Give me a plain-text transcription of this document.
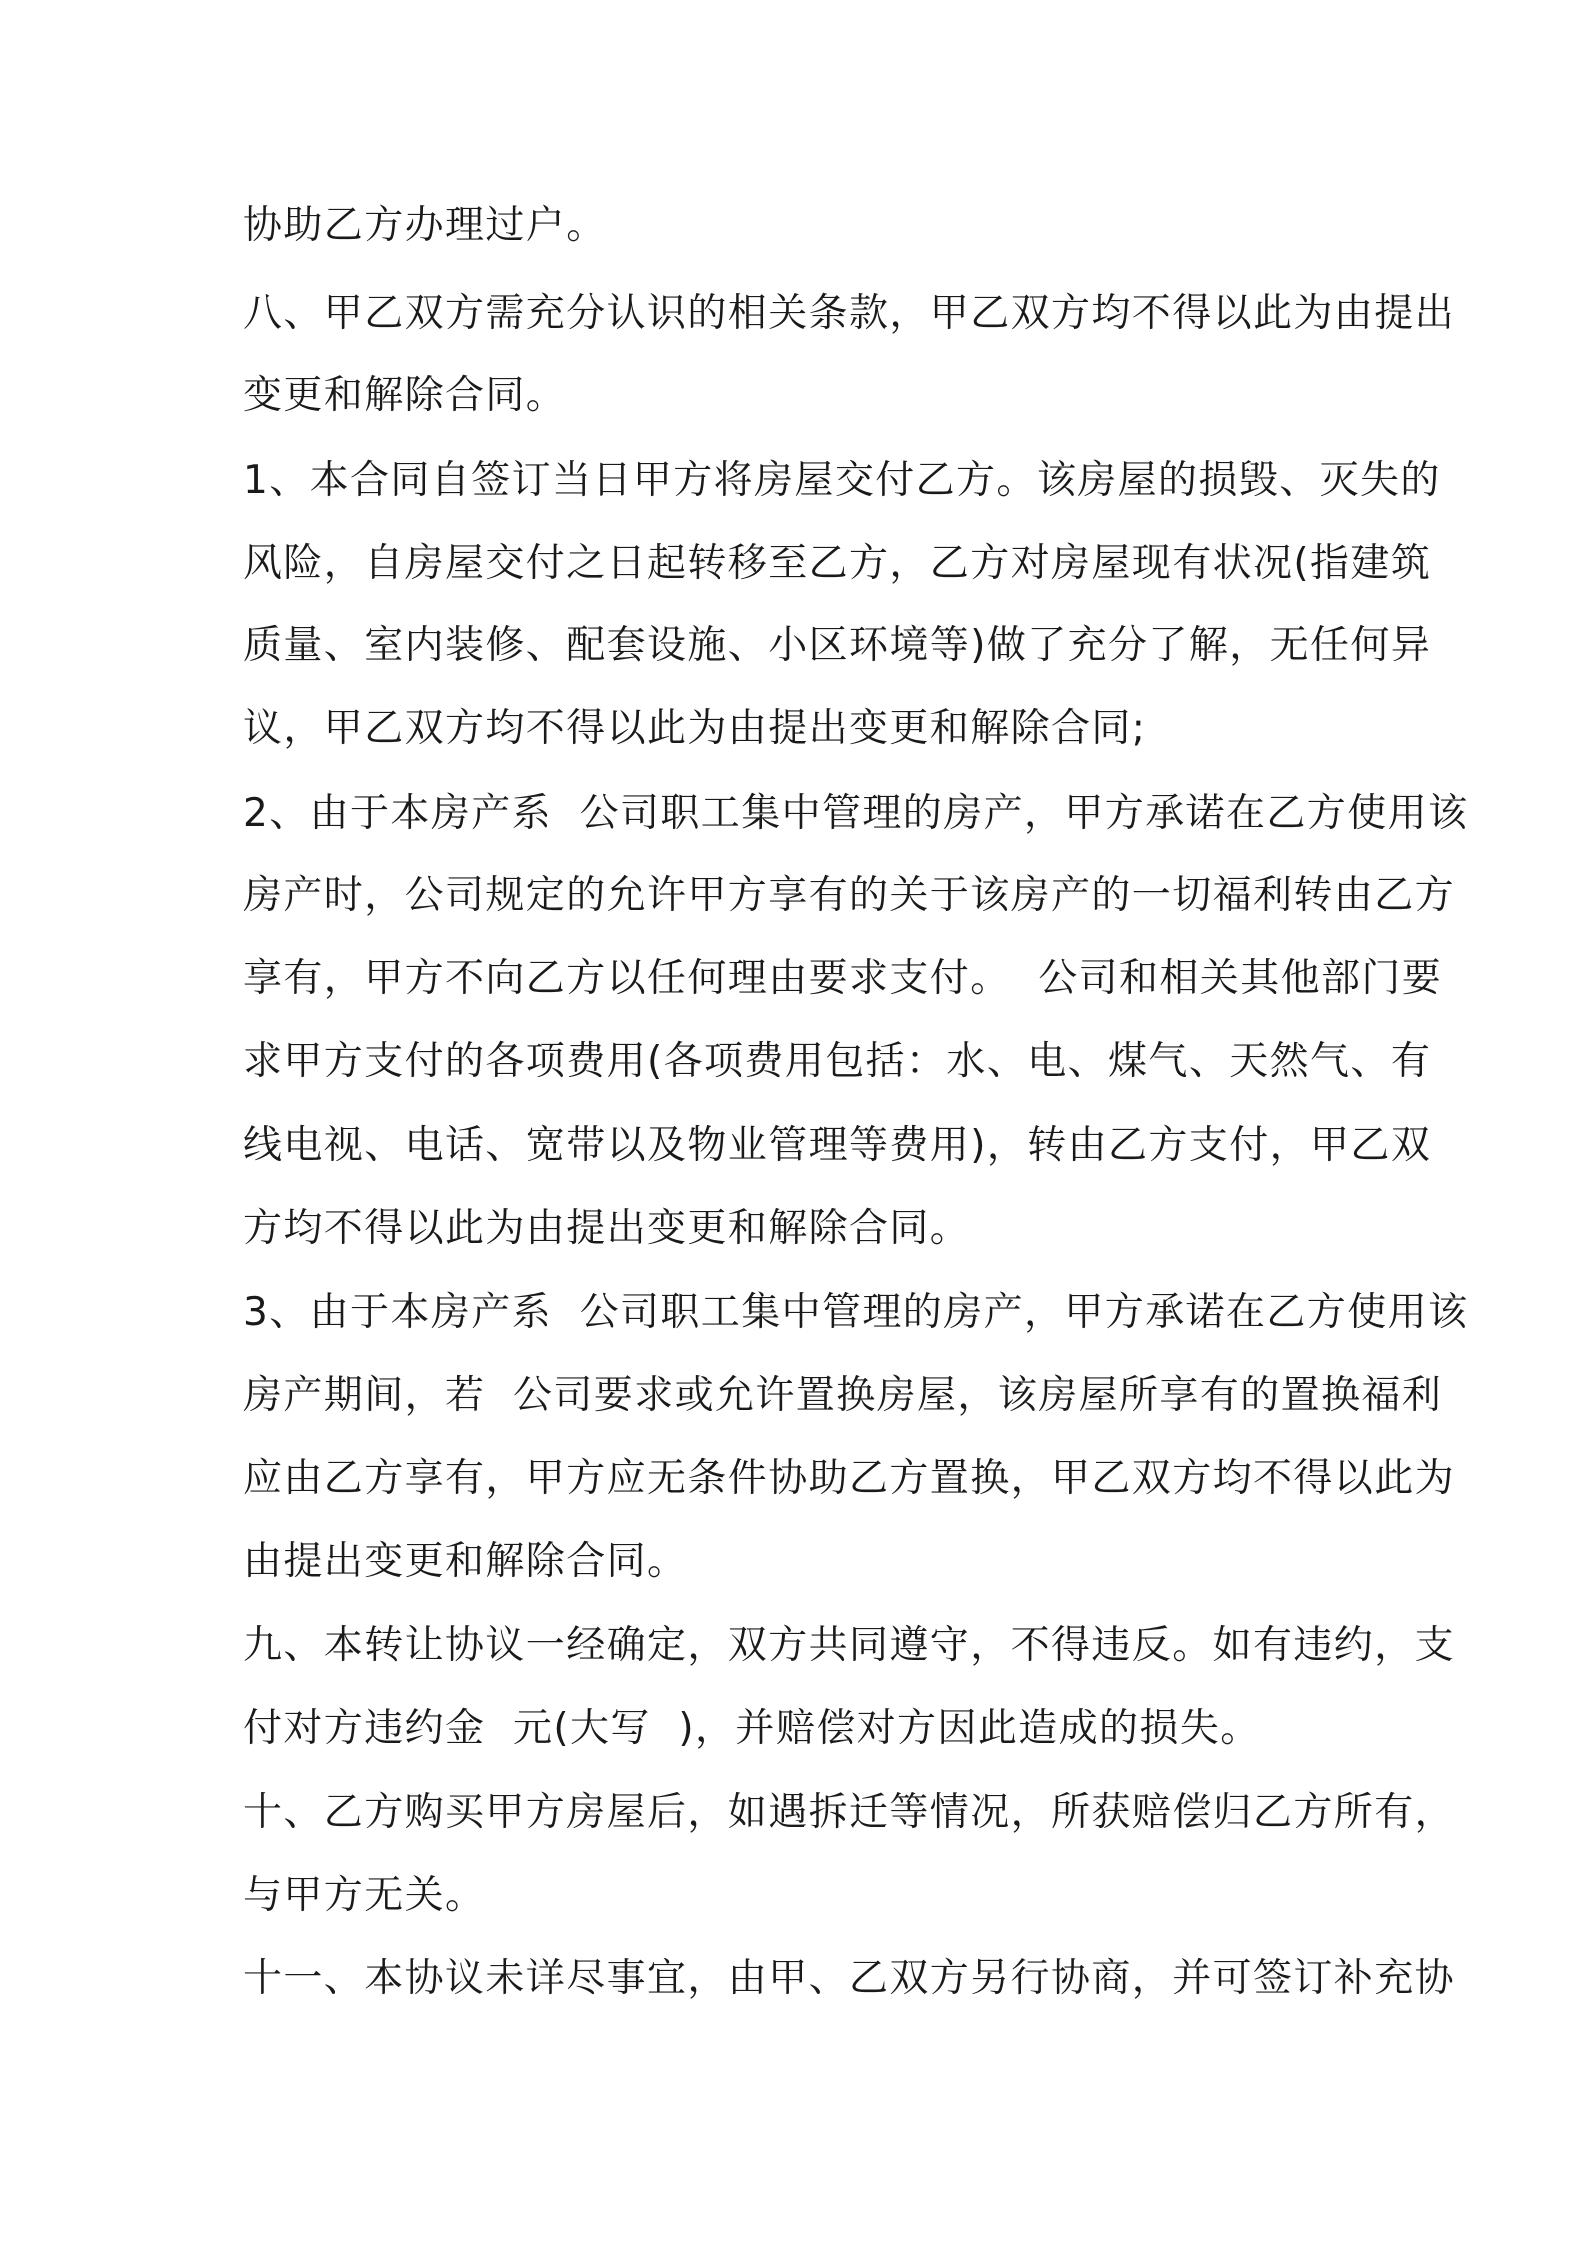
协助乙方办理过户。
八、甲乙双方需充分认识的相关条款，甲乙双方均不得以此为由提出
变更和解除合同。
1、本合同自签订当日甲方将房屋交付乙方。该房屋的损毁、灭失的
风险，自房屋交付之日起转移至乙方，乙方对房屋现有状况(指建筑
质量、室内装修、配套设施、小区环境等)做了充分了解，无任何异
议，甲乙双方均不得以此为由提出变更和解除合同;
2、由于本房产系  公司职工集中管理的房产，甲方承诺在乙方使用该
房产时，公司规定的允许甲方享有的关于该房产的一切福利转由乙方
享有，甲方不向乙方以任何理由要求支付。  公司和相关其他部门要
求甲方支付的各项费用(各项费用包括：水、电、煤气、天然气、有
线电视、电话、宽带以及物业管理等费用)，转由乙方支付，甲乙双
方均不得以此为由提出变更和解除合同。
3、由于本房产系  公司职工集中管理的房产，甲方承诺在乙方使用该
房产期间，若  公司要求或允许置换房屋，该房屋所享有的置换福利
应由乙方享有，甲方应无条件协助乙方置换，甲乙双方均不得以此为
由提出变更和解除合同。
九、本转让协议一经确定，双方共同遵守，不得违反。如有违约，支
付对方违约金  元(大写  )，并赔偿对方因此造成的损失。
十、乙方购买甲方房屋后，如遇拆迁等情况，所获赔偿归乙方所有，
与甲方无关。
十一、本协议未详尽事宜，由甲、乙双方另行协商，并可签订补充协
